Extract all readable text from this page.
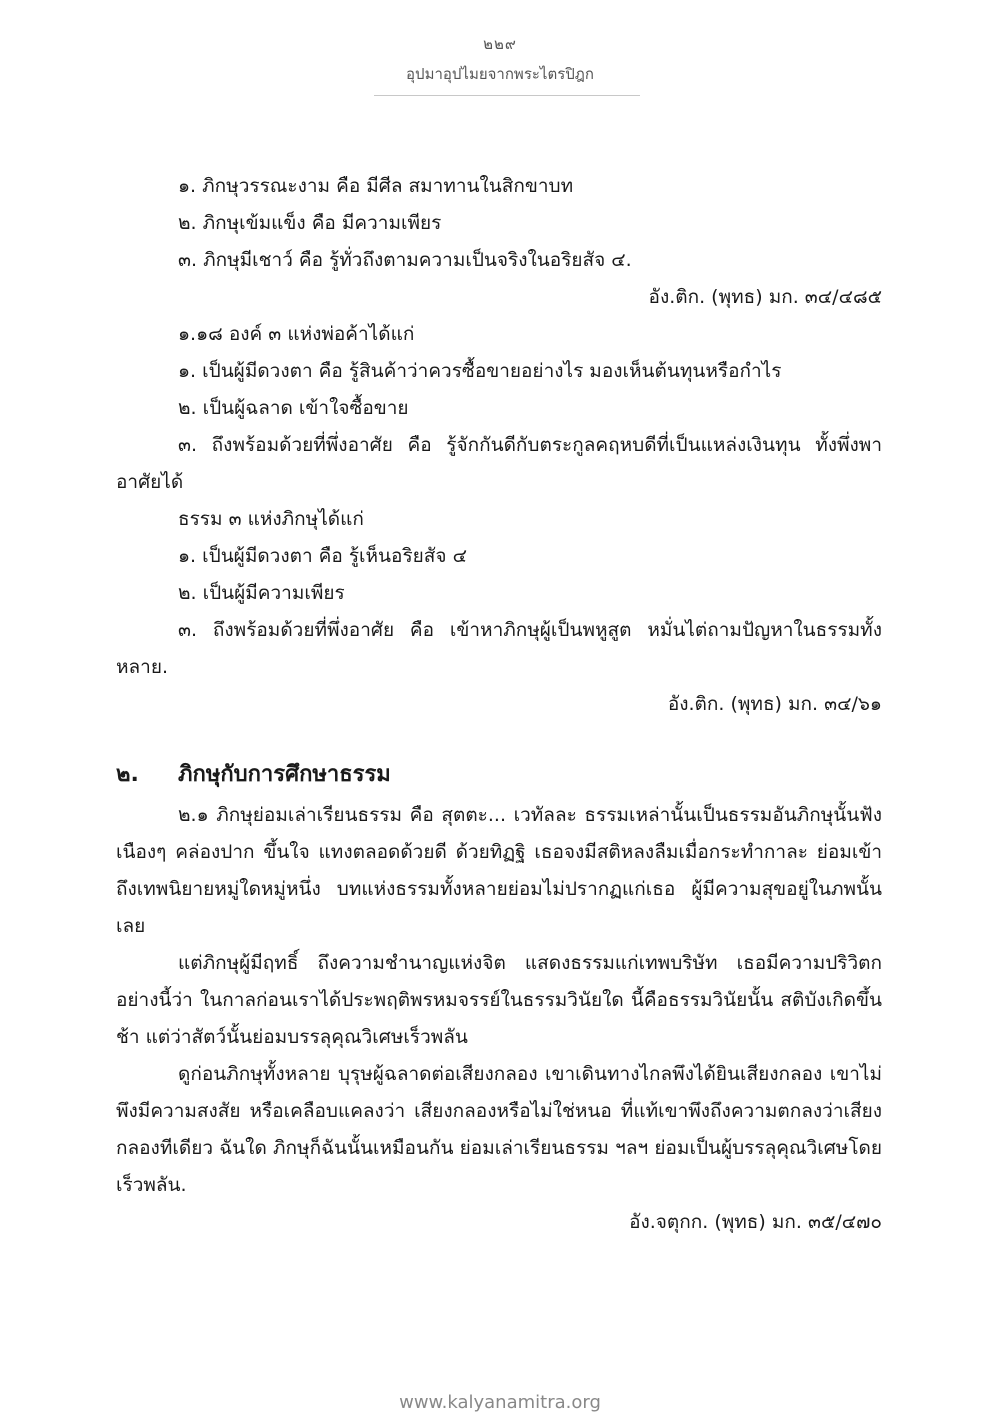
๒๒๙
อุปมาอุปไมยจากพระไตรปิฎก
๑. ภิกษุวรรณะงาม คือ มีศีล สมาทานในสิกขาบท
๒. ภิกษุเข้มแข็ง คือ มีความเพียร
๓. ภิกษุมีเชาว์ คือ รู้ทั่วถึงตามความเป็นจริงในอริยสัจ ๔.
อัง.ติก. (พุทธ) มก. ๓๔/๔๘๕
๑.๑๘ องค์ ๓ แห่งพ่อค้าได้แก่
๑. เป็นผู้มีดวงตา คือ รู้สินค้าว่าควรซื้อขายอย่างไร มองเห็นต้นทุนหรือกำไร
๒. เป็นผู้ฉลาด เข้าใจซื้อขาย

๓. ถึงพร้อมด้วยที่พึ่งอาศัย คือ รู้จักกันดีกับตระกูลคฤหบดีที่เป็นแหล่งเงินทุน ทั้งพึ่งพาอาศัยได้

ธรรม ๓ แห่งภิกษุได้แก่
๑. เป็นผู้มีดวงตา คือ รู้เห็นอริยสัจ ๔
๒. เป็นผู้มีความเพียร

๓. ถึงพร้อมด้วยที่พึ่งอาศัย คือ เข้าหาภิกษุผู้เป็นพหูสูต หมั่นไต่ถามปัญหาในธรรมทั้งหลาย.

อัง.ติก. (พุทธ) มก. ๓๔/๖๑
๒.	ภิกษุกับการศึกษาธรรม

๒.๑ ภิกษุย่อมเล่าเรียนธรรม คือ สุตตะ... เวทัลละ ธรรมเหล่านั้นเป็นธรรมอันภิกษุนั้นฟังเนืองๆ คล่องปาก ขึ้นใจ แทงตลอดด้วยดี ด้วยทิฏฐิ เธอจงมีสติหลงลืมเมื่อกระทำกาละ ย่อมเข้าถึงเทพนิยายหมู่ใดหมู่หนึ่ง บทแห่งธรรมทั้งหลายย่อมไม่ปรากฏแก่เธอ ผู้มีความสุขอยู่ในภพนั้นเลย

แต่ภิกษุผู้มีฤทธิ์ ถึงความชำนาญแห่งจิต แสดงธรรมแก่เทพบริษัท เธอมีความปริวิตกอย่างนี้ว่า ในกาลก่อนเราได้ประพฤติพรหมจรรย์ในธรรมวินัยใด นี้คือธรรมวินัยนั้น สติบังเกิดขึ้นช้า แต่ว่าสัตว์นั้นย่อมบรรลุคุณวิเศษเร็วพลัน

ดูก่อนภิกษุทั้งหลาย บุรุษผู้ฉลาดต่อเสียงกลอง เขาเดินทางไกลพึงได้ยินเสียงกลอง เขาไม่พึงมีความสงสัย หรือเคลือบแคลงว่า เสียงกลองหรือไม่ใช่หนอ ที่แท้เขาพึงถึงความตกลงว่าเสียงกลองทีเดียว ฉันใด ภิกษุก็ฉันนั้นเหมือนกัน ย่อมเล่าเรียนธรรม ฯลฯ ย่อมเป็นผู้บรรลุคุณวิเศษโดยเร็วพลัน.

อัง.จตุกก. (พุทธ) มก. ๓๕/๔๗๐
www.kalyanamitra.org
